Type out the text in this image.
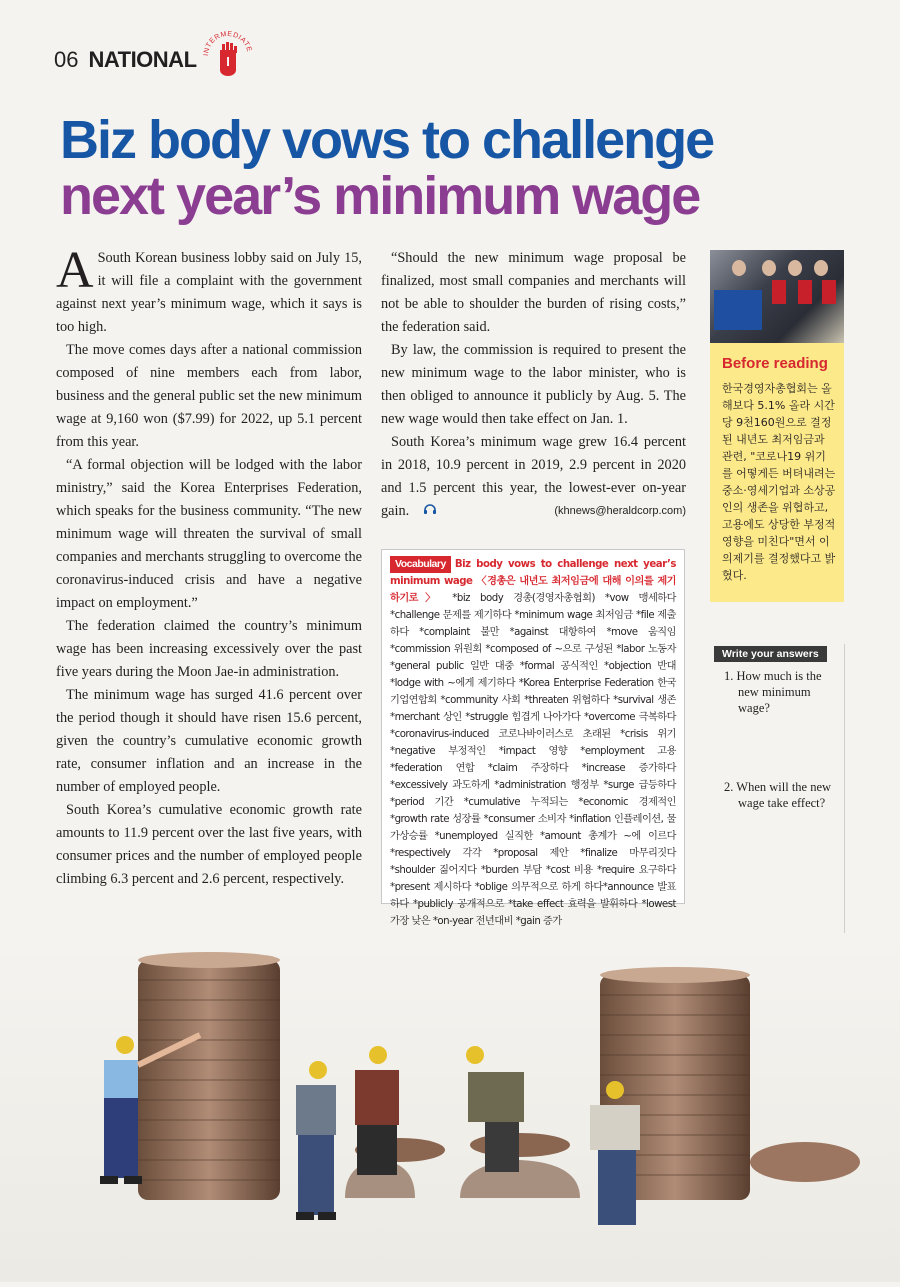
06 NATIONAL INTERMEDIATE
I
Biz body vows to challenge
next year’s minimum wage

A South Korean business lobby said on July 15, it will file a complaint with the government against next year’s minimum wage, which it says is too high.

The move comes days after a national commission composed of nine members each from labor, business and the general public set the new minimum wage at 9,160 won ($7.99) for 2022, up 5.1 percent from this year.

“A formal objection will be lodged with the labor ministry,” said the Korea Enterprises Federation, which speaks for the business community. “The new minimum wage will threaten the survival of small companies and merchants struggling to overcome the coronavirus-induced crisis and have a negative impact on employment.”

The federation claimed the country’s minimum wage has been increasing excessively over the past five years during the Moon Jae-in administration.

The minimum wage has surged 41.6 percent over the period though it should have risen 15.6 percent, given the country’s cumulative economic growth rate, consumer inflation and an increase in the number of employed people.

South Korea’s cumulative economic growth rate amounts to 11.9 percent over the last five years, with consumer prices and the number of employed people climbing 6.3 percent and 2.6 percent, respectively.

“Should the new minimum wage proposal be finalized, most small companies and merchants will not be able to shoulder the burden of rising costs,” the federation said.

By law, the commission is required to present the new minimum wage to the labor minister, who is then obliged to announce it publicly by Aug. 5. The new wage would then take effect on Jan. 1.

South Korea’s minimum wage grew 16.4 percent in 2018, 10.9 percent in 2019, 2.9 percent in 2020 and 1.5 percent this year, the lowest-ever on-year gain.	(khnews@heraldcorp.com)

Before reading
한국경영자총협회는 올해보다 5.1% 올라 시간당 9천160원으로 결정된 내년도 최저임금과 관련, "코로나19 위기를 어떻게든 버텨내려는 중소·영세기업과 소상공인의 생존을 위협하고, 고용에도 상당한 부정적 영향을 미친다"면서 이의제기를 결정했다고 밝혔다.
Write your answers
1. How much is the new minimum wage?
2. When will the new wage take effect?
Vocabulary Biz body vows to challenge next year’s minimum wage 〈경총은 내년도 최저임금에 대해 이의를 제기하기로〉 *biz body 경총(경영자총협회) *vow 맹세하다 *challenge 문제를 제기하다 *minimum wage 최저임금 *file 제출하다 *complaint 불만 *against 대항하여 *move 움직임 *commission 위원회 *composed of ~으로 구성된 *labor 노동자 *general public 일반 대중 *formal 공식적인 *objection 반대 *lodge with ~에게 제기하다 *Korea Enterprise Federation 한국기업연합회 *community 사회 *threaten 위협하다 *survival 생존 *merchant 상인 *struggle 힘겹게 나아가다 *overcome 극복하다 *coronavirus-induced 코로나바이러스로 초래된 *crisis 위기 *negative 부정적인 *impact 영향 *employment 고용 *federation 연합 *claim 주장하다 *increase 증가하다 *excessively 과도하게 *administration 행정부 *surge 급등하다 *period 기간 *cumulative 누적되는 *economic 경제적인 *growth rate 성장률 *consumer 소비자 *inflation 인플레이션, 물가상승률 *unemployed 실직한 *amount 총계가 ~에 이르다 *respectively 각각 *proposal 제안 *finalize 마무리짓다 *shoulder 짊어지다 *burden 부담 *cost 비용 *require 요구하다 *present 제시하다 *oblige 의무적으로 하게 하다*announce 발표하다 *publicly 공개적으로 *take effect 효력을 발휘하다 *lowest 가장 낮은 *on-year 전년대비 *gain 증가
